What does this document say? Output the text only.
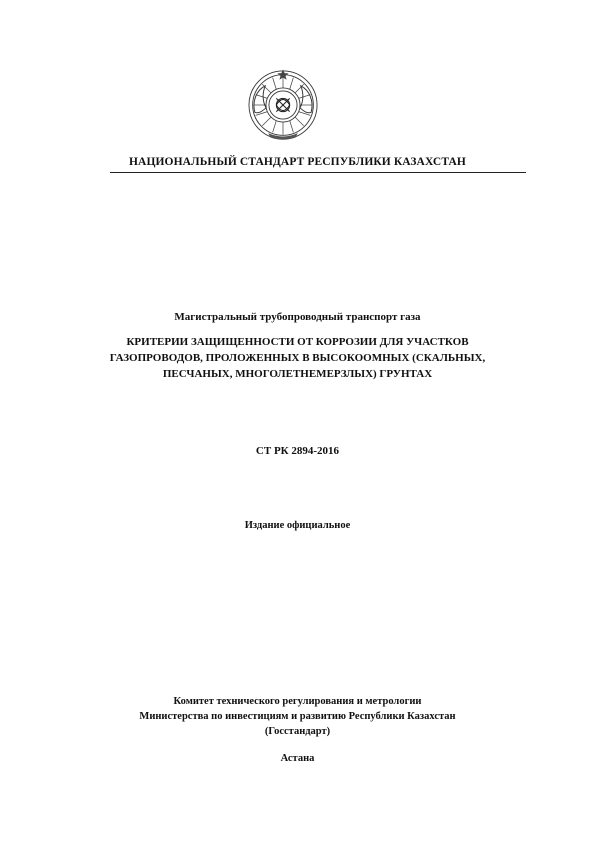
НАЦИОНАЛЬНЫЙ СТАНДАРТ РЕСПУБЛИКИ КАЗАХСТАН
Магистральный трубопроводный транспорт газа
КРИТЕРИИ ЗАЩИЩЕННОСТИ ОТ КОРРОЗИИ ДЛЯ УЧАСТКОВ
ГАЗОПРОВОДОВ, ПРОЛОЖЕННЫХ В ВЫСОКООМНЫХ (СКАЛЬНЫХ,
ПЕСЧАНЫХ, МНОГОЛЕТНЕМЕРЗЛЫХ) ГРУНТАХ
СТ РК 2894-2016
Издание официальное
Комитет технического регулирования и метрологии
Министерства по инвестициям и развитию Республики Казахстан
(Госстандарт)
Астана
